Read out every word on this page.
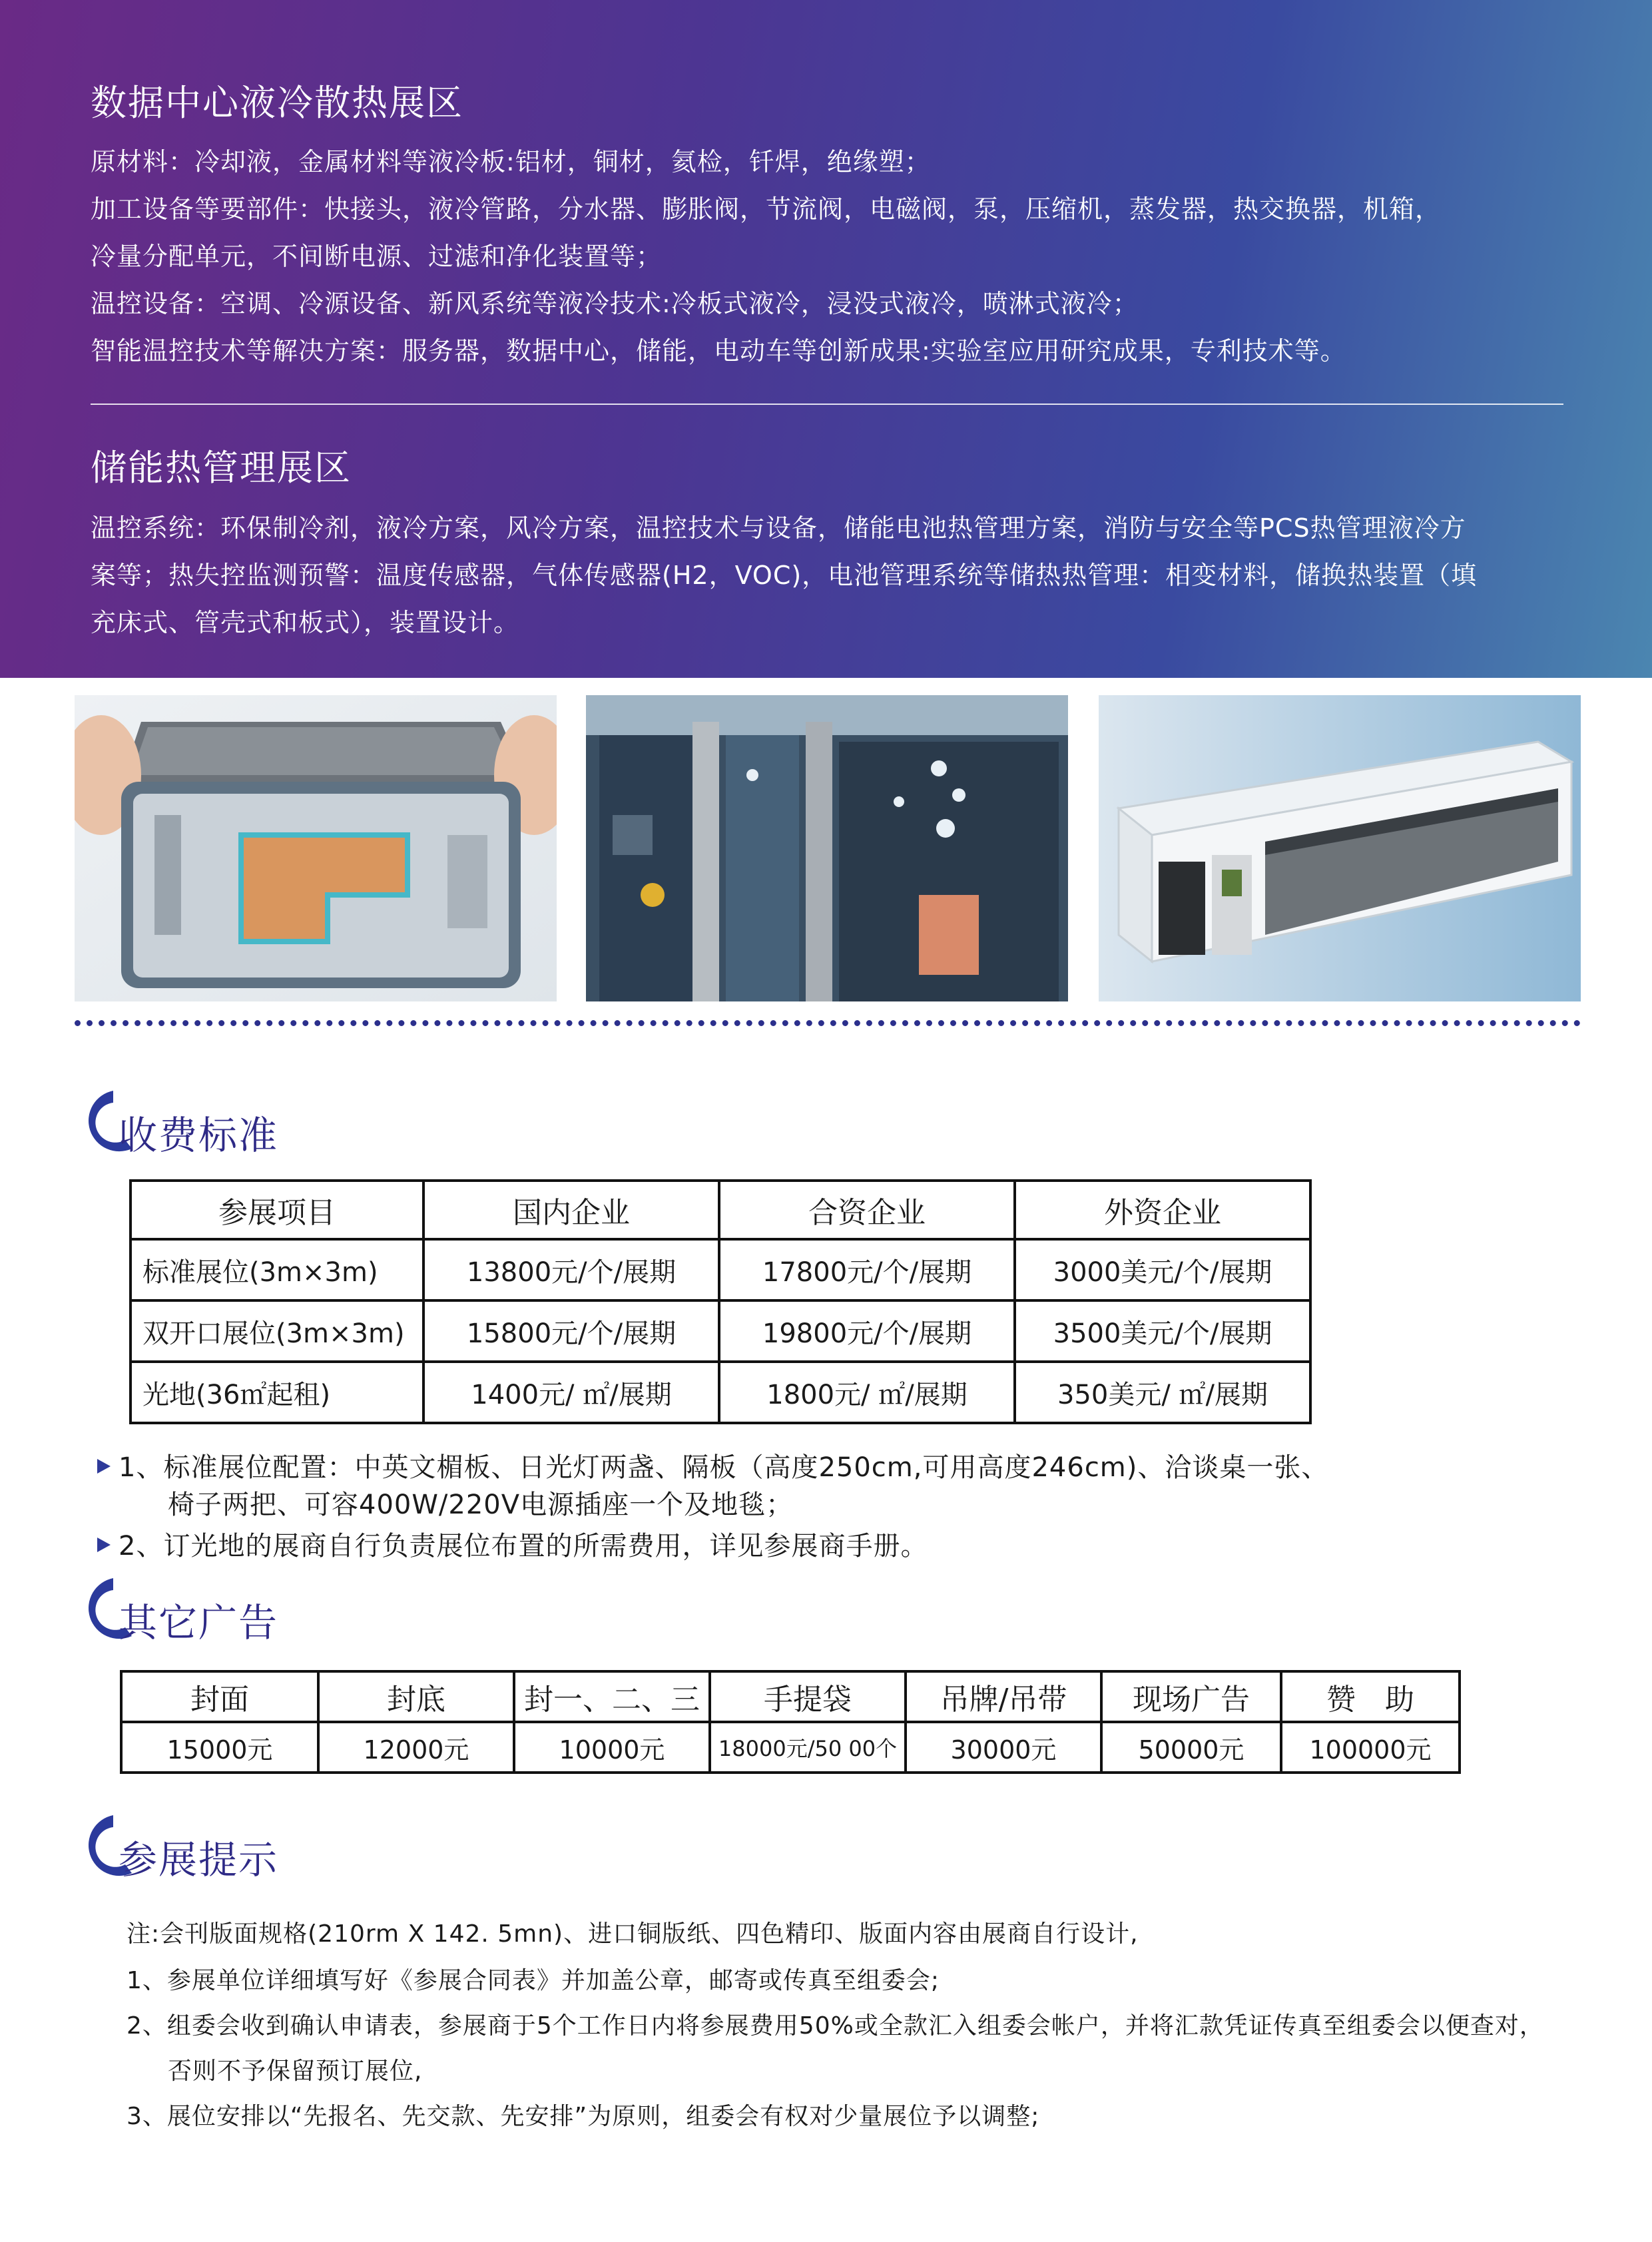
数据中心液冷散热展区
原材料：冷却液，金属材料等液冷板:铝材，铜材，氦检，钎焊，绝缘塑；
加工设备等要部件：快接头，液冷管路，分水器、膨胀阀，节流阀，电磁阀，泵，压缩机，蒸发器，热交换器，机箱，
冷量分配单元，不间断电源、过滤和净化装置等；
温控设备：空调、冷源设备、新风系统等液冷技术:冷板式液冷，浸没式液冷，喷淋式液冷；
智能温控技术等解决方案：服务器，数据中心，储能，电动车等创新成果:实验室应用研究成果，专利技术等。
储能热管理展区
温控系统：环保制冷剂，液冷方案，风冷方案，温控技术与设备，储能电池热管理方案，消防与安全等PCS热管理液冷方
案等；热失控监测预警：温度传感器，气体传感器(H2，VOC)，电池管理系统等储热热管理：相变材料，储换热装置（填
充床式、管壳式和板式），装置设计。
收费标准
参展项目	国内企业	合资企业	外资企业
标准展位(3m×3m)	13800元/个/展期	17800元/个/展期	3000美元/个/展期
双开口展位(3m×3m)	15800元/个/展期	19800元/个/展期	3500美元/个/展期
光地(36㎡起租)	1400元/ ㎡/展期	1800元/ ㎡/展期	350美元/ ㎡/展期
1、标准展位配置：中英文楣板、日光灯两盏、隔板（高度250cm,可用高度246cm)、洽谈桌一张、
椅子两把、可容400W/220V电源插座一个及地毯；
2、订光地的展商自行负责展位布置的所需费用，详见参展商手册。
其它广告
封面	封底	封一、二、三	手提袋	吊牌/吊带	现场广告	赞　助
15000元	12000元	10000元	18000元/50 00个	30000元	50000元	100000元
参展提示
注:会刊版面规格(210rm X 142. 5mn)、进口铜版纸、四色精印、版面内容由展商自行设计,
1、参展单位详细填写好《参展合同表》并加盖公章，邮寄或传真至组委会;
2、组委会收到确认申请表，参展商于5个工作日内将参展费用50%或全款汇入组委会帐户，并将汇款凭证传真至组委会以便查对，
否则不予保留预订展位,
3、展位安排以“先报名、先交款、先安排”为原则，组委会有权对少量展位予以调整;
